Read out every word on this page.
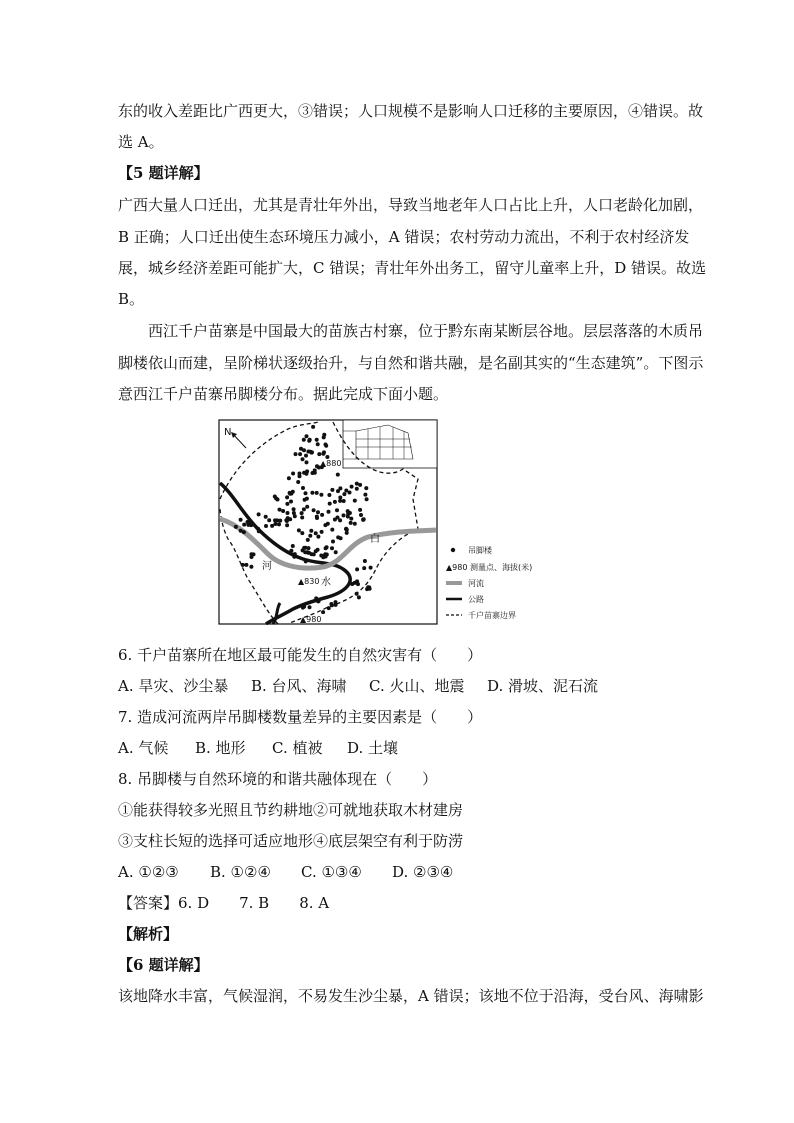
东的收入差距比广西更大，③错误；人口规模不是影响人口迁移的主要原因，④错误。故
选 A。
【5 题详解】
广西大量人口迁出，尤其是青壮年外出，导致当地老年人口占比上升，人口老龄化加剧，
B 正确；人口迁出使生态环境压力减小，A 错误；农村劳动力流出，不利于农村经济发
展，城乡经济差距可能扩大，C 错误；青壮年外出务工，留守儿童率上升，D 错误。故选
B。
西江千户苗寨是中国最大的苗族古村寨，位于黔东南某断层谷地。层层落落的木质吊
脚楼依山而建，呈阶梯状逐级抬升，与自然和谐共融，是名副其实的“生态建筑”。下图示
意西江千户苗寨吊脚楼分布。据此完成下面小题。
N
▲880
▲830
▲980
白
河
水
吊脚楼
▲980 测量点、海拔(米)
河流
公路
千户苗寨边界
6. 千户苗寨所在地区最可能发生的自然灾害有（　　）
A. 旱灾、沙尘暴 B. 台风、海啸 C. 火山、地震 D. 滑坡、泥石流
7. 造成河流两岸吊脚楼数量差异的主要因素是（　　）
A. 气候 B. 地形 C. 植被 D. 土壤
8. 吊脚楼与自然环境的和谐共融体现在（　　）
①能获得较多光照且节约耕地②可就地获取木材建房
③支柱长短的选择可适应地形④底层架空有利于防涝
A. ①②③ B. ①②④ C. ①③④ D. ②③④
【答案】6. D　　7. B　　8. A
【解析】
【6 题详解】
该地降水丰富，气候湿润，不易发生沙尘暴，A 错误；该地不位于沿海，受台风、海啸影
